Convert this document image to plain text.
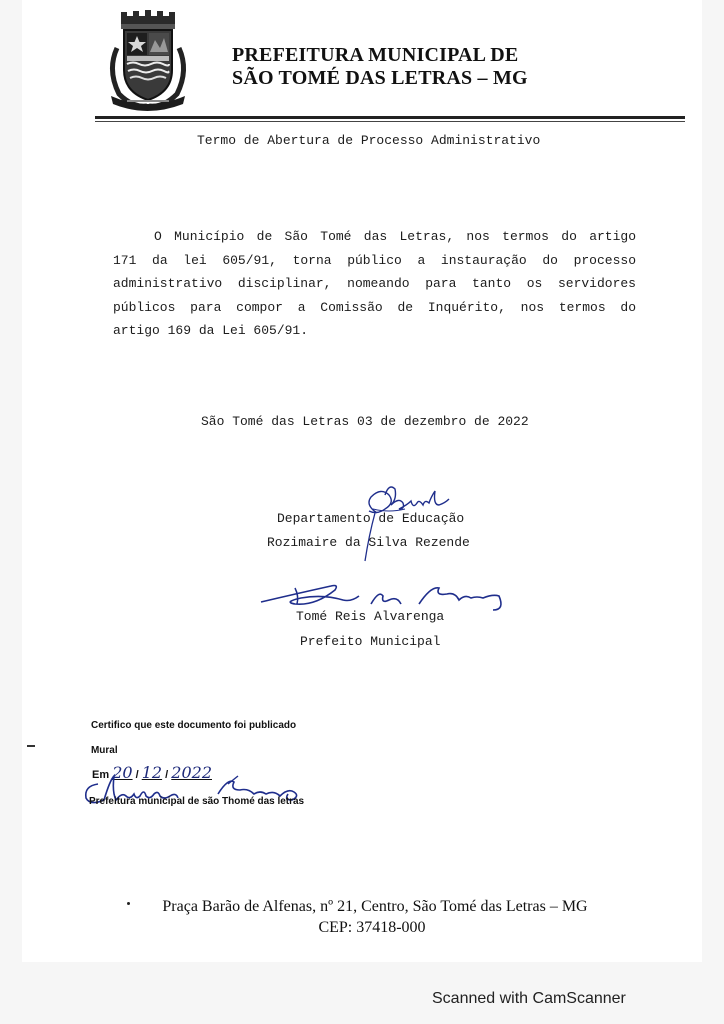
PREFEITURA MUNICIPAL DE
SÃO TOMÉ DAS LETRAS – MG
Termo de Abertura de Processo Administrativo
O Município de São Tomé das Letras, nos termos do artigo
171 da lei 605/91, torna público a instauração do processo
administrativo disciplinar, nomeando para tanto os servidores
públicos para compor a Comissão de Inquérito, nos termos do
artigo 169 da Lei 605/91.
São Tomé das Letras 03 de dezembro de 2022
Departamento de Educação
Rozimaire da Silva Rezende
Tomé Reis Alvarenga
Prefeito Municipal
Certifico que este documento foi publicado
Mural
Em 20 / 12 / 2022
Prefeitura municipal de são Thomé das letras
Praça Barão de Alfenas, nº 21, Centro, São Tomé das Letras – MG
CEP: 37418-000
Scanned with CamScanner
